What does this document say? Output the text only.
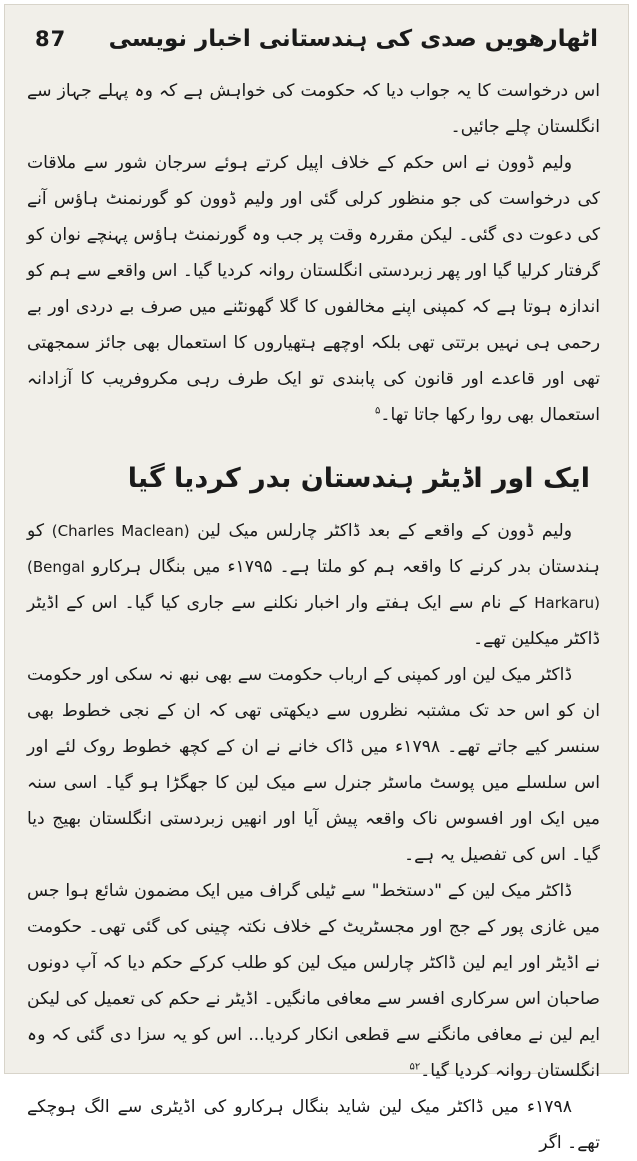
87 اٹھارھویں صدی کی ہندستانی اخبار نویسی

اس درخواست کا یہ جواب دیا کہ حکومت کی خواہش ہے کہ وہ پہلے جہاز سے انگلستان چلے جائیں۔

ولیم ڈوون نے اس حکم کے خلاف اپیل کرتے ہوئے سرجان شور سے ملاقات کی درخواست کی جو منظور کرلی گئی اور ولیم ڈوون کو گورنمنٹ ہاؤس آنے کی دعوت دی گئی۔ لیکن مقررہ وقت پر جب وہ گورنمنٹ ہاؤس پہنچے نوان کو گرفتار کرلیا گیا اور پھر زبردستی انگلستان روانہ کردیا گیا۔ اس واقعے سے ہم کو اندازہ ہوتا ہے کہ کمپنی اپنے مخالفوں کا گلا گھونٹنے میں صرف بے دردی اور بے رحمی ہی نہیں برتتی تھی بلکہ اوچھے ہتھیاروں کا استعمال بھی جائز سمجھتی تھی اور قاعدے اور قانون کی پابندی تو ایک طرف رہی مکروفریب کا آزادانہ استعمال بھی روا رکھا جاتا تھا۔$^۵$

ایک اور اڈیٹر ہندستان بدر کردیا گیا

ولیم ڈوون کے واقعے کے بعد ڈاکٹر چارلس میک لین (Charles Maclean) کو ہندستان بدر کرنے کا واقعہ ہم کو ملتا ہے۔ ۱۷۹۵ء میں بنگال ہرکارو (Bengal Harkaru) کے نام سے ایک ہفتے وار اخبار نکلنے سے جاری کیا گیا۔ اس کے اڈیٹر ڈاکٹر میکلین تھے۔

ڈاکٹر میک لین اور کمپنی کے ارباب حکومت سے بھی نبھ نہ سکی اور حکومت ان کو اس حد تک مشتبہ نظروں سے دیکھتی تھی کہ ان کے نجی خطوط بھی سنسر کیے جاتے تھے۔ ۱۷۹۸ء میں ڈاک خانے نے ان کے کچھ خطوط روک لئے اور اس سلسلے میں پوسٹ ماسٹر جنرل سے میک لین کا جھگڑا ہو گیا۔ اسی سنہ میں ایک اور افسوس ناک واقعہ پیش آیا اور انھیں زبردستی انگلستان بھیج دیا گیا۔ اس کی تفصیل یہ ہے۔

ڈاکٹر میک لین کے "دستخط" سے ٹیلی گراف میں ایک مضمون شائع ہوا جس میں غازی پور کے جج اور مجسٹریٹ کے خلاف نکتہ چینی کی گئی تھی۔ حکومت نے اڈیٹر اور ایم لین ڈاکٹر چارلس میک لین کو طلب کرکے حکم دیا کہ آپ دونوں صاحبان اس سرکاری افسر سے معافی مانگیں۔ اڈیٹر نے حکم کی تعمیل کی لیکن ایم لین نے معافی مانگنے سے قطعی انکار کردیا... اس کو یہ سزا دی گئی کہ وہ انگلستان روانہ کردیا گیا۔$^{۵۲}$

۱۷۹۸ء میں ڈاکٹر میک لین شاید بنگال ہرکارو کی اڈیٹری سے الگ ہوچکے تھے۔ اگر
